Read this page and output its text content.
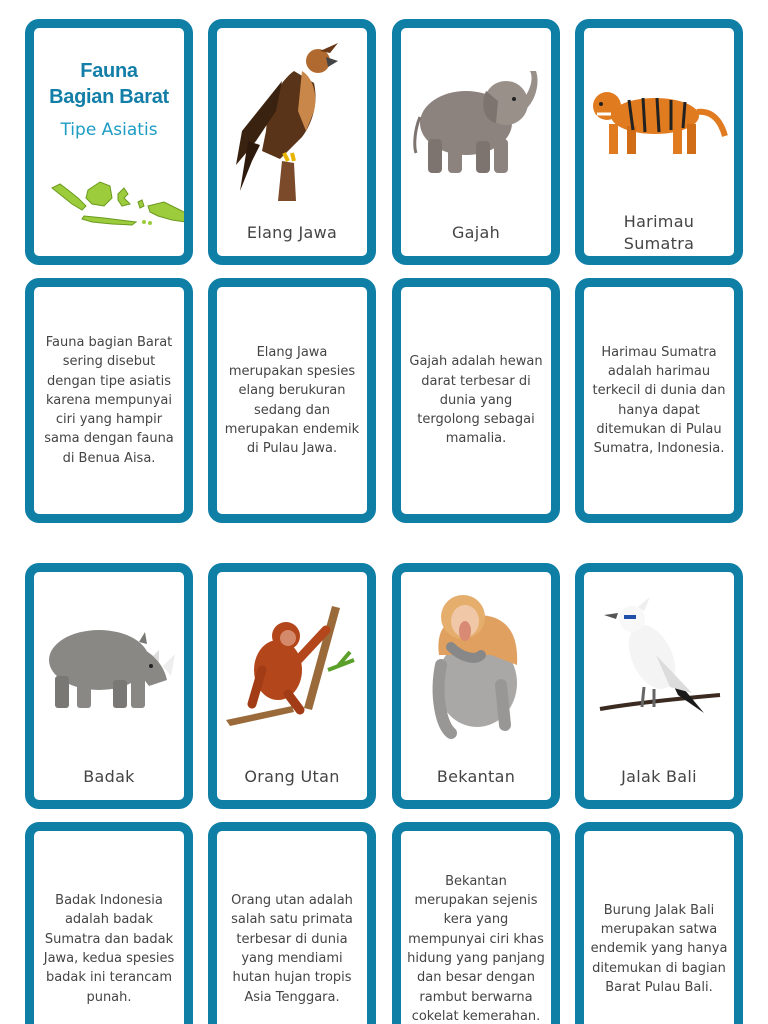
Fauna
Bagian Barat
Tipe Asiatis
Elang Jawa	Gajah
Harimau Sumatra
Fauna bagian Barat sering disebut dengan tipe asiatis karena mempunyai ciri yang hampir sama dengan fauna di Benua Aisa.
Elang Jawa merupakan spesies elang berukuran sedang dan merupakan endemik di Pulau Jawa.
Gajah adalah hewan darat terbesar di dunia yang tergolong sebagai mamalia.
Harimau Sumatra adalah harimau terkecil di dunia dan hanya dapat ditemukan di Pulau Sumatra, Indonesia.
Badak	Orang Utan	Bekantan	Jalak Bali
Badak Indonesia adalah badak Sumatra dan badak Jawa, kedua spesies badak ini terancam punah.
Orang utan adalah salah satu primata terbesar di dunia yang mendiami hutan hujan tropis Asia Tenggara.
Bekantan merupakan sejenis kera yang mempunyai ciri khas hidung yang panjang dan besar dengan rambut berwarna cokelat kemerahan.
Burung Jalak Bali merupakan satwa endemik yang hanya ditemukan di bagian Barat Pulau Bali.
